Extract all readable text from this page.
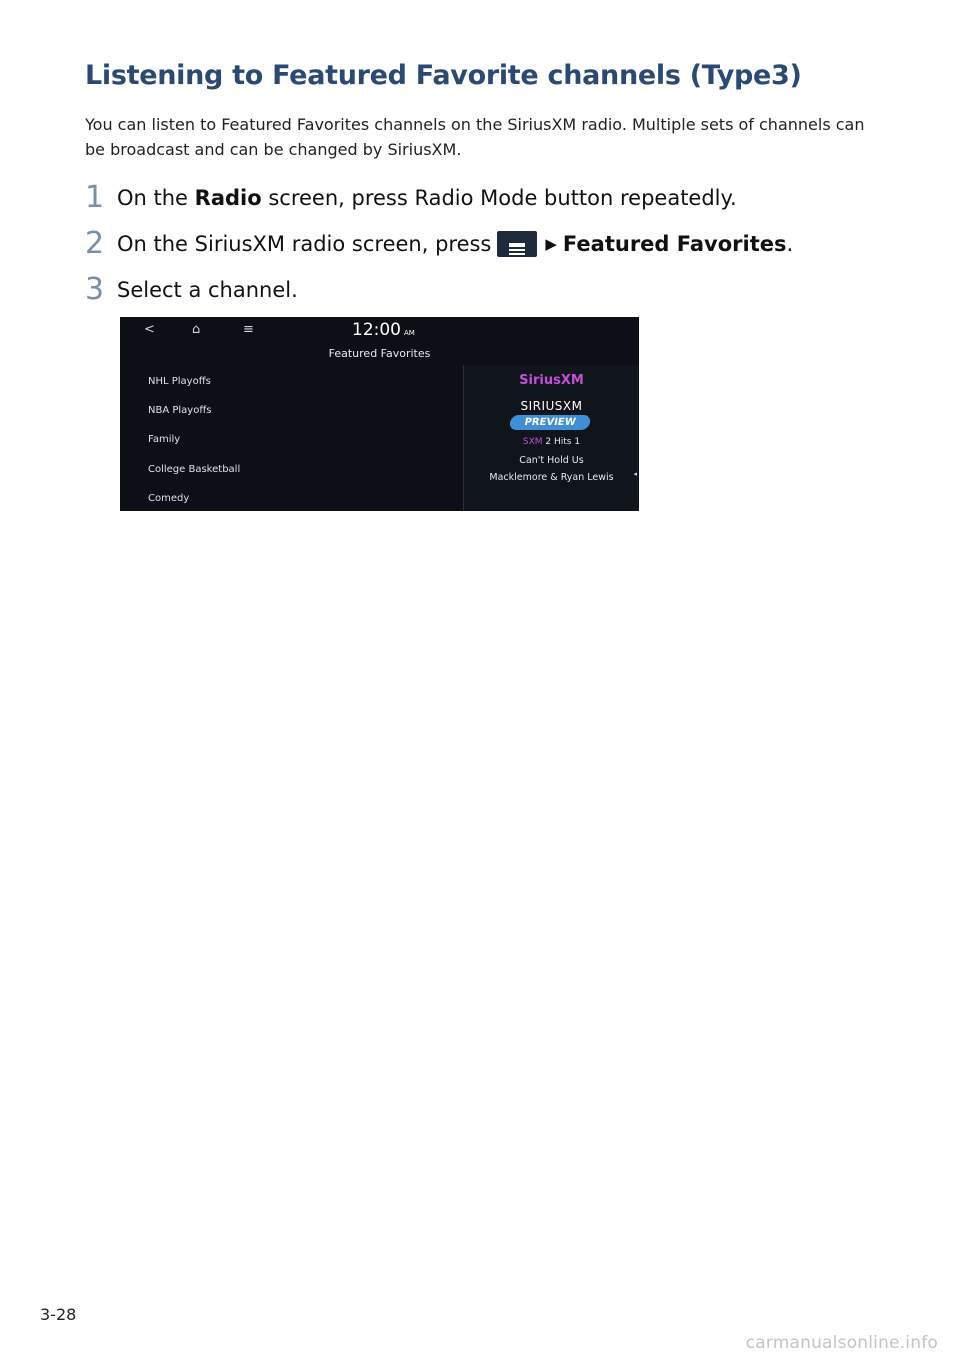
Listening to Featured Favorite channels (Type3)

You can listen to Featured Favorites channels on the SiriusXM radio. Multiple sets of channels can be broadcast and can be changed by SiriusXM.

1 On the Radio screen, press Radio Mode button repeatedly.
2 On the SiriusXM radio screen, press	▶ Featured Favorites .
3 Select a channel.
<	⌂	≡	12:00 AM
Featured Favorites
NHL Playoffs
NBA Playoffs
Family
College Basketball
Comedy
SiriusXM
SIRIUSXM
PREVIEW
SXM 2 Hits 1
Can't Hold Us
Macklemore & Ryan Lewis	◂
3-28
carmanualsonline.info
